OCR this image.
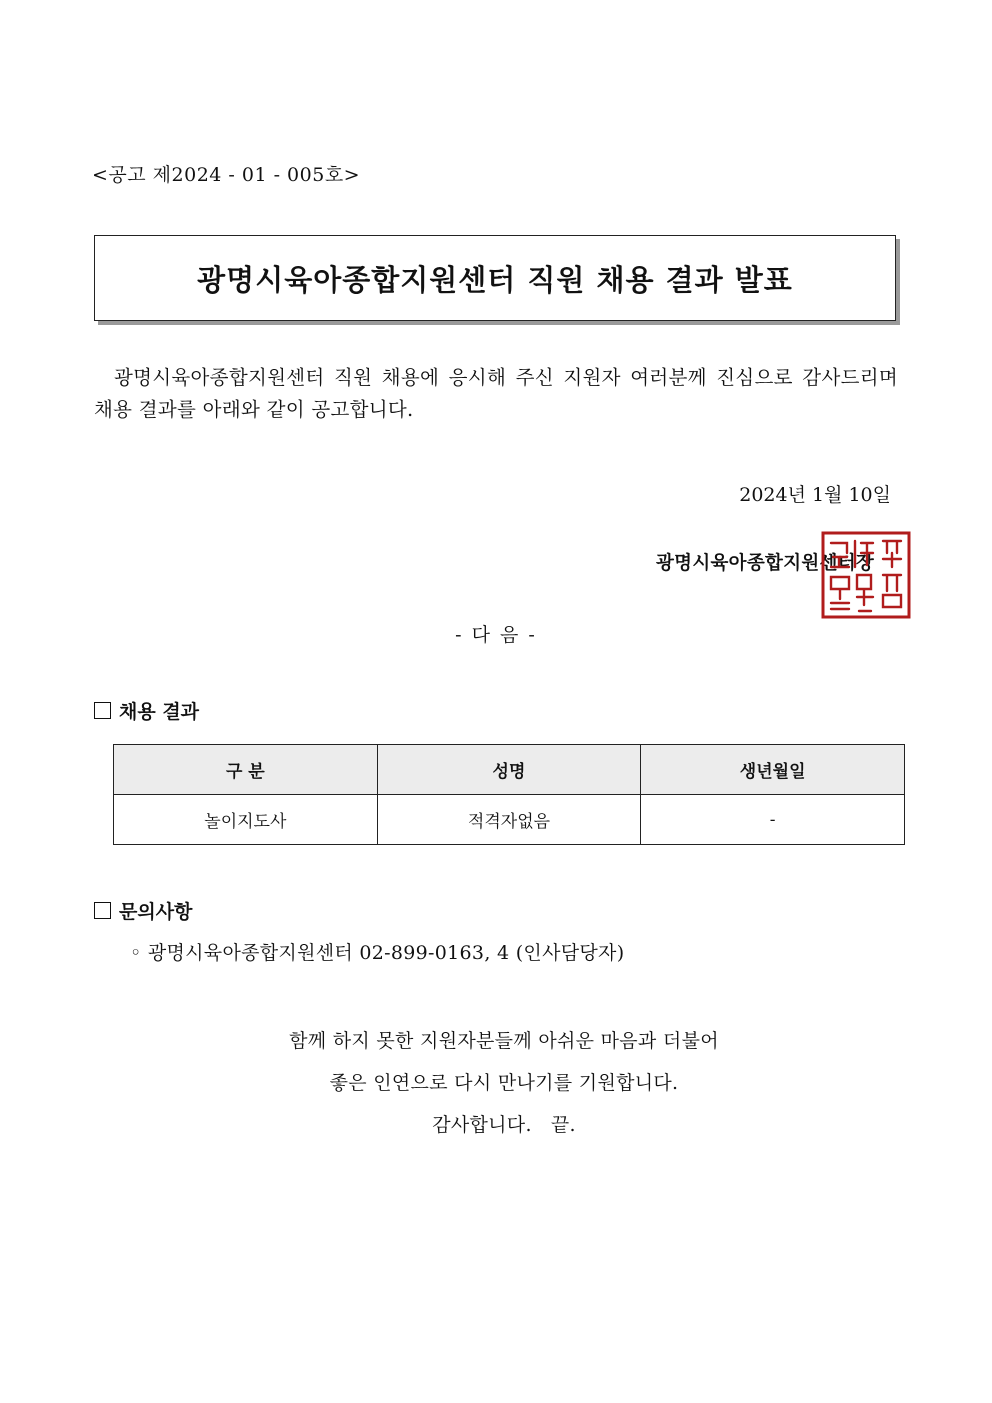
<공고 제2024 - 01 - 005호>
광명시육아종합지원센터 직원 채용 결과 발표
광명시육아종합지원센터 직원 채용에 응시해 주신 지원자 여러분께 진심으로 감사드리며 채용 결과를 아래와 같이 공고합니다.
2024년 1월 10일
광명시육아종합지원센터장
- 다 음 -
채용 결과
구 분	성명	생년월일
놀이지도사	적격자없음	-
문의사항
◦ 광명시육아종합지원센터 02-899-0163, 4 (인사담당자)
함께 하지 못한 지원자분들께 아쉬운 마음과 더불어
좋은 인연으로 다시 만나기를 기원합니다.
감사합니다.   끝.
